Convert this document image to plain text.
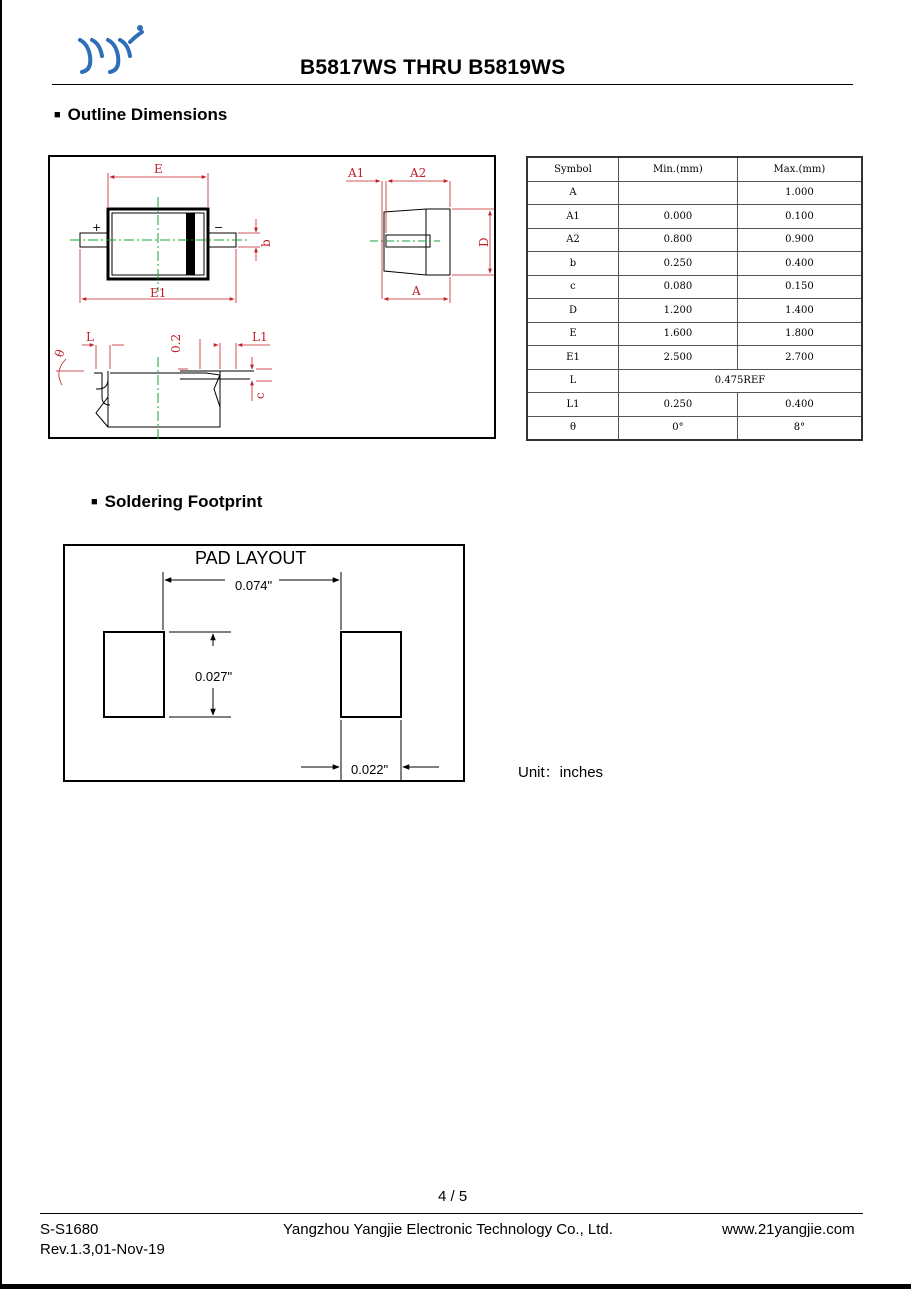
B5817WS THRU B5819WS
■ Outline Dimensions
E
E1
b
+	−
A1	A2
A
D
L	L1
0.2
c
θ
Symbol	Min.(mm)	Max.(mm)
A		1.000
A1	0.000	0.100
A2	0.800	0.900
b	0.250	0.400
c	0.080	0.150
D	1.200	1.400
E	1.600	1.800
E1	2.500	2.700
L	0.475REF	
L1	0.250	0.400
θ	0°	8°
■ Soldering Footprint
PAD LAYOUT
0.074"
0.027"
0.022"	Unit：inches
4 / 5
S-S1680
Rev.1.3,01-Nov-19
Yangzhou Yangjie Electronic Technology Co., Ltd.	www.21yangjie.com
